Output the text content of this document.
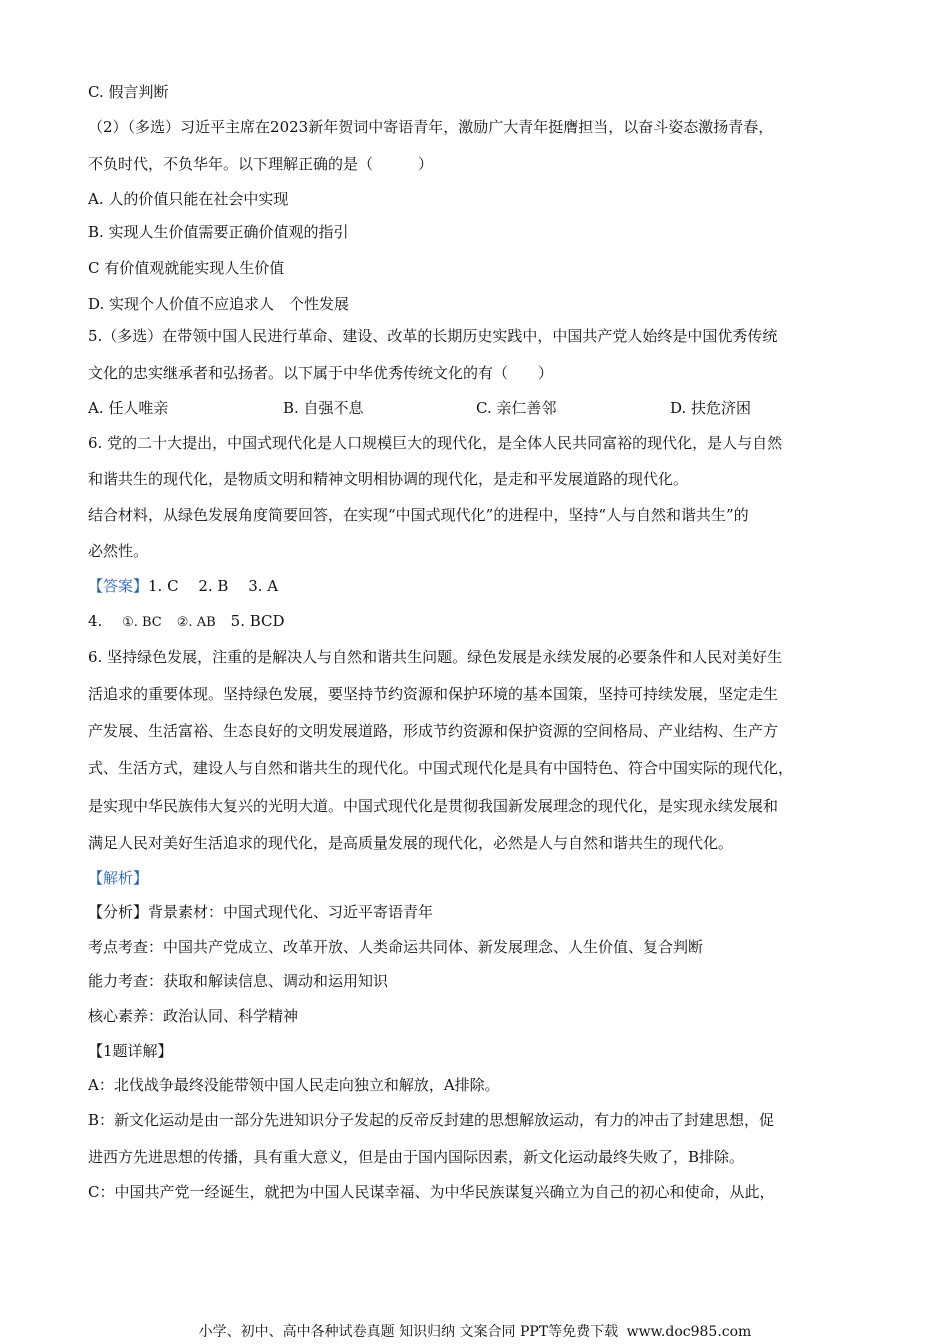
C. 假言判断
（2）（多选）习近平主席在2023新年贺词中寄语青年，激励广大青年挺膺担当，以奋斗姿态激扬青春，
不负时代，不负华年。以下理解正确的是（　　　）
A. 人的价值只能在社会中实现
B. 实现人生价值需要正确价值观的指引
C 有价值观就能实现人生价值
D. 实现个人价值不应追求人　个性发展
5.（多选）在带领中国人民进行革命、建设、改革的长期历史实践中，中国共产党人始终是中国优秀传统
文化的忠实继承者和弘扬者。以下属于中华优秀传统文化的有（　　）
A. 任人唯亲	B. 自强不息	C. 亲仁善邻	D. 扶危济困
6. 党的二十大提出，中国式现代化是人口规模巨大的现代化，是全体人民共同富裕的现代化，是人与自然
和谐共生的现代化，是物质文明和精神文明相协调的现代化，是走和平发展道路的现代化。
结合材料，从绿色发展角度简要回答，在实现“中国式现代化”的进程中，坚持“人与自然和谐共生”的
必然性。
【答案】1. C　 2. B　 3. A
4.　 ①. BC　 ②. AB　 5. BCD
6. 坚持绿色发展，注重的是解决人与自然和谐共生问题。绿色发展是永续发展的必要条件和人民对美好生
活追求的重要体现。坚持绿色发展，要坚持节约资源和保护环境的基本国策，坚持可持续发展，坚定走生
产发展、生活富裕、生态良好的文明发展道路，形成节约资源和保护资源的空间格局、产业结构、生产方
式、生活方式，建设人与自然和谐共生的现代化。中国式现代化是具有中国特色、符合中国实际的现代化，
是实现中华民族伟大复兴的光明大道。中国式现代化是贯彻我国新发展理念的现代化，是实现永续发展和
满足人民对美好生活追求的现代化，是高质量发展的现代化，必然是人与自然和谐共生的现代化。
【解析】
【分析】背景素材：中国式现代化、习近平寄语青年
考点考查：中国共产党成立、改革开放、人类命运共同体、新发展理念、人生价值、复合判断
能力考查：获取和解读信息、调动和运用知识
核心素养：政治认同、科学精神
【1题详解】
A：北伐战争最终没能带领中国人民走向独立和解放，A排除。
B：新文化运动是由一部分先进知识分子发起的反帝反封建的思想解放运动，有力的冲击了封建思想，促
进西方先进思想的传播，具有重大意义，但是由于国内国际因素，新文化运动最终失败了，B排除。
C：中国共产党一经诞生，就把为中国人民谋幸福、为中华民族谋复兴确立为自己的初心和使命，从此，
小学、初中、高中各种试卷真题 知识归纳 文案合同 PPT等免费下载 www.doc985.com
